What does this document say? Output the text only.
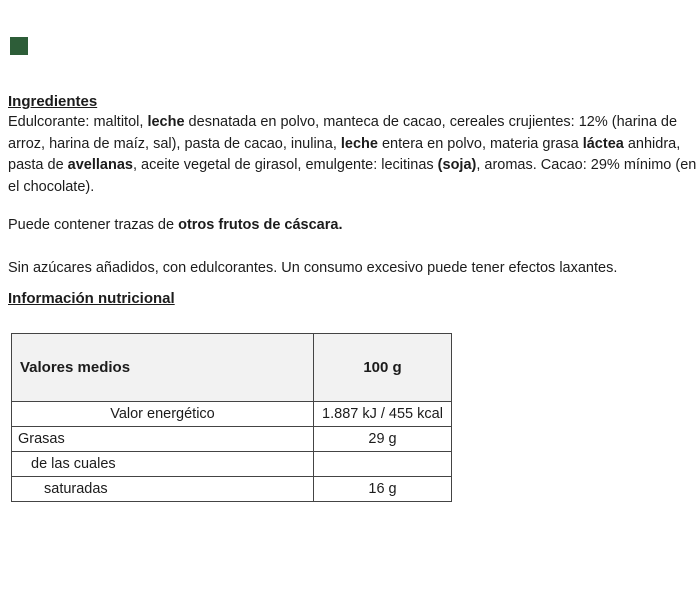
Ingredientes

Edulcorante: maltitol, leche desnatada en polvo, manteca de cacao, cereales crujientes: 12% (harina de arroz, harina de maíz, sal), pasta de cacao, inulina, leche entera en polvo, materia grasa láctea anhidra, pasta de avellanas, aceite vegetal de girasol, emulgente: lecitinas (soja), aromas. Cacao: 29% mínimo (en el chocolate).

Puede contener trazas de otros frutos de cáscara.

Sin azúcares añadidos, con edulcorantes. Un consumo excesivo puede tener efectos laxantes.

Información nutricional
Valores medios	100 g
Valor energético	1.887 kJ / 455 kcal
Grasas	29 g
de las cuales	
saturadas	16 g
